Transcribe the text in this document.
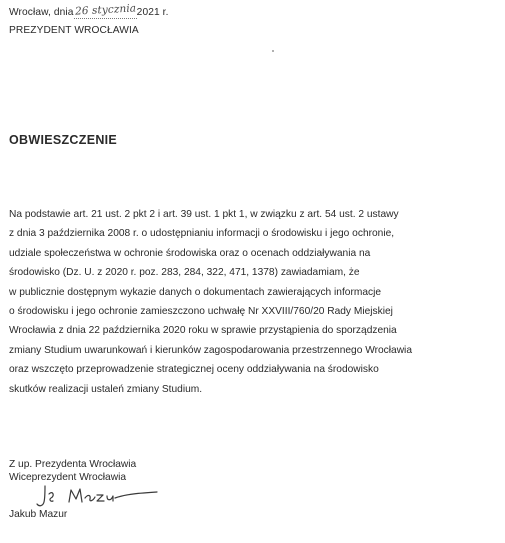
Wrocław, dnia26 stycznia2021 r.
PREZYDENT WROCŁAWIA
OBWIESZCZENIE
Na podstawie art. 21 ust. 2 pkt 2 i art. 39 ust. 1 pkt 1, w związku z art. 54 ust. 2 ustawy
z dnia 3 października 2008 r. o udostępnianiu informacji o środowisku i jego ochronie,
udziale społeczeństwa w ochronie środowiska oraz o ocenach oddziaływania na
środowisko (Dz. U. z 2020 r. poz. 283, 284, 322, 471, 1378) zawiadamiam, że
w publicznie dostępnym wykazie danych o dokumentach zawierających informacje
o środowisku i jego ochronie zamieszczono uchwałę Nr XXVIII/760/20 Rady Miejskiej
Wrocławia z dnia 22 października 2020 roku w sprawie przystąpienia do sporządzenia
zmiany Studium uwarunkowań i kierunków zagospodarowania przestrzennego Wrocławia
oraz wszczęto przeprowadzenie strategicznej oceny oddziaływania na środowisko
skutków realizacji ustaleń zmiany Studium.
Z up. Prezydenta Wrocławia
Wiceprezydent Wrocławia
Jakub Mazur
